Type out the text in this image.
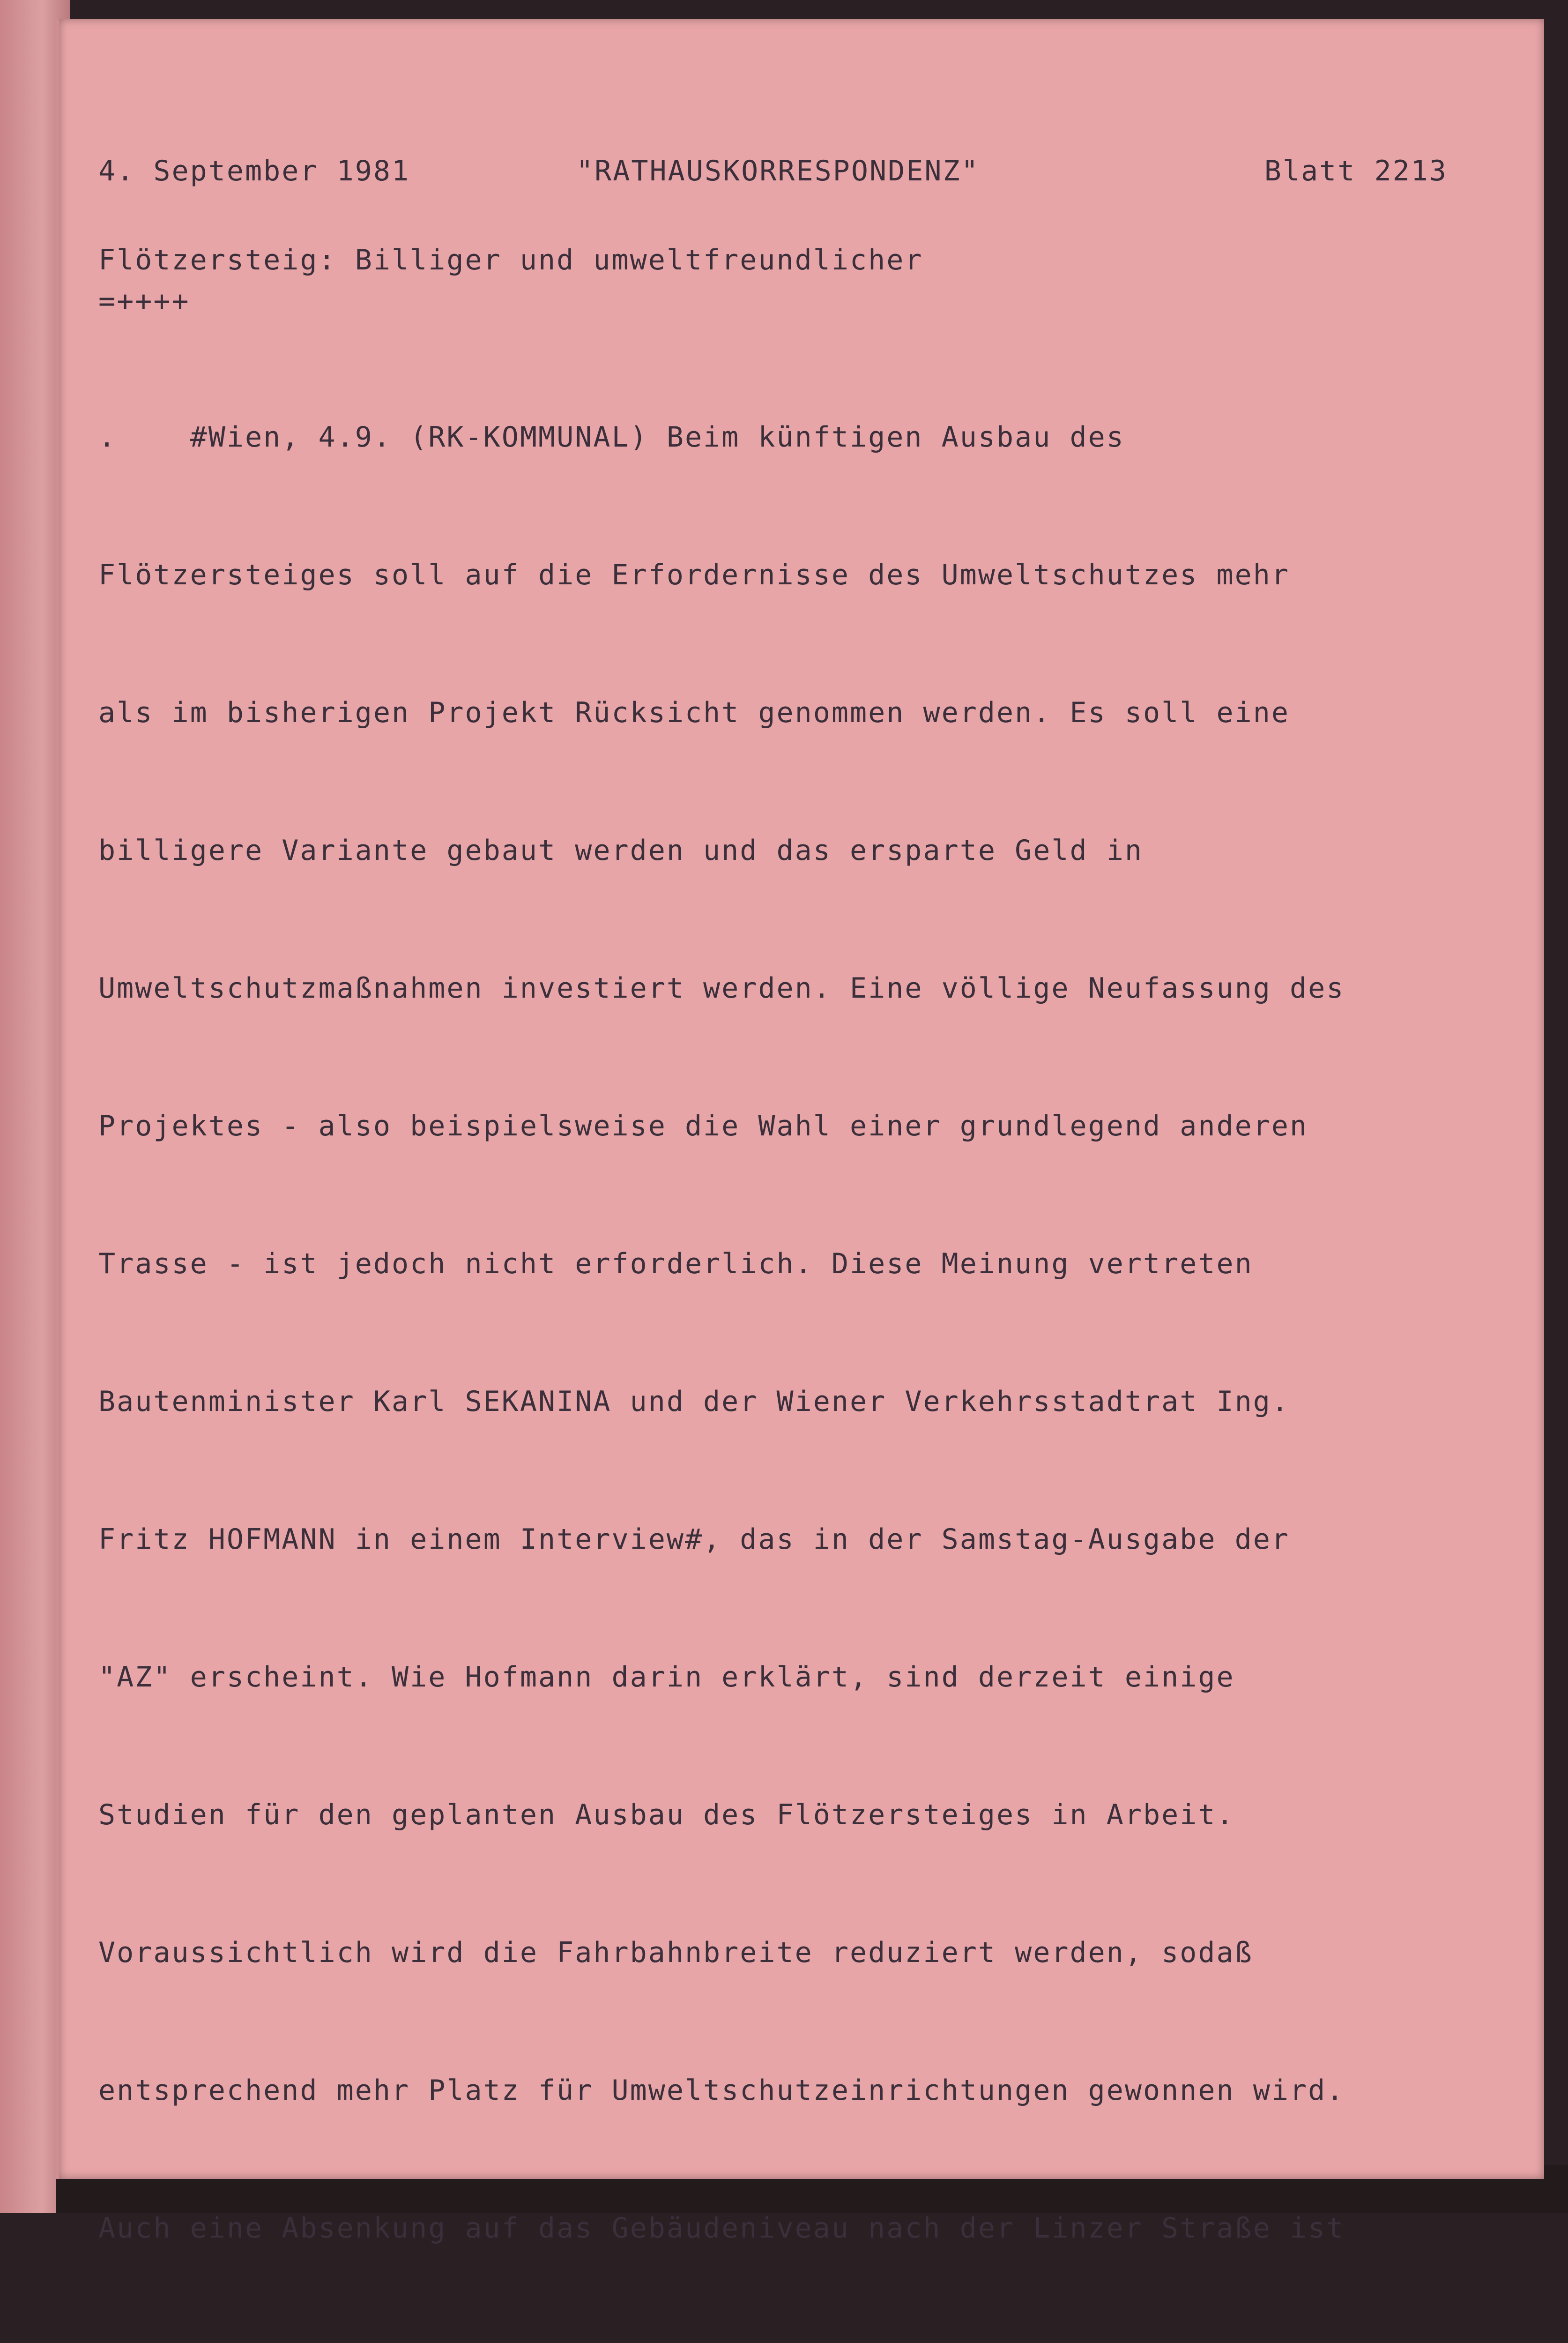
4. September 1981	"RATHAUSKORRESPONDENZ"	Blatt 2213
Flötzersteig: Billiger und umweltfreundlicher
=++++

.    #Wien, 4.9. (RK-KOMMUNAL) Beim künftigen Ausbau des

Flötzersteiges soll auf die Erfordernisse des Umweltschutzes mehr

als im bisherigen Projekt Rücksicht genommen werden. Es soll eine

billigere Variante gebaut werden und das ersparte Geld in

Umweltschutzmaßnahmen investiert werden. Eine völlige Neufassung des

Projektes - also beispielsweise die Wahl einer grundlegend anderen

Trasse - ist jedoch nicht erforderlich. Diese Meinung vertreten

Bautenminister Karl SEKANINA und der Wiener Verkehrsstadtrat Ing.

Fritz HOFMANN in einem Interview#, das in der Samstag-Ausgabe der

"AZ" erscheint. Wie Hofmann darin erklärt, sind derzeit einige

Studien für den geplanten Ausbau des Flötzersteiges in Arbeit.

Voraussichtlich wird die Fahrbahnbreite reduziert werden, sodaß

entsprechend mehr Platz für Umweltschutzeinrichtungen gewonnen wird.

Auch eine Absenkung auf das Gebäudeniveau nach der Linzer Straße ist
